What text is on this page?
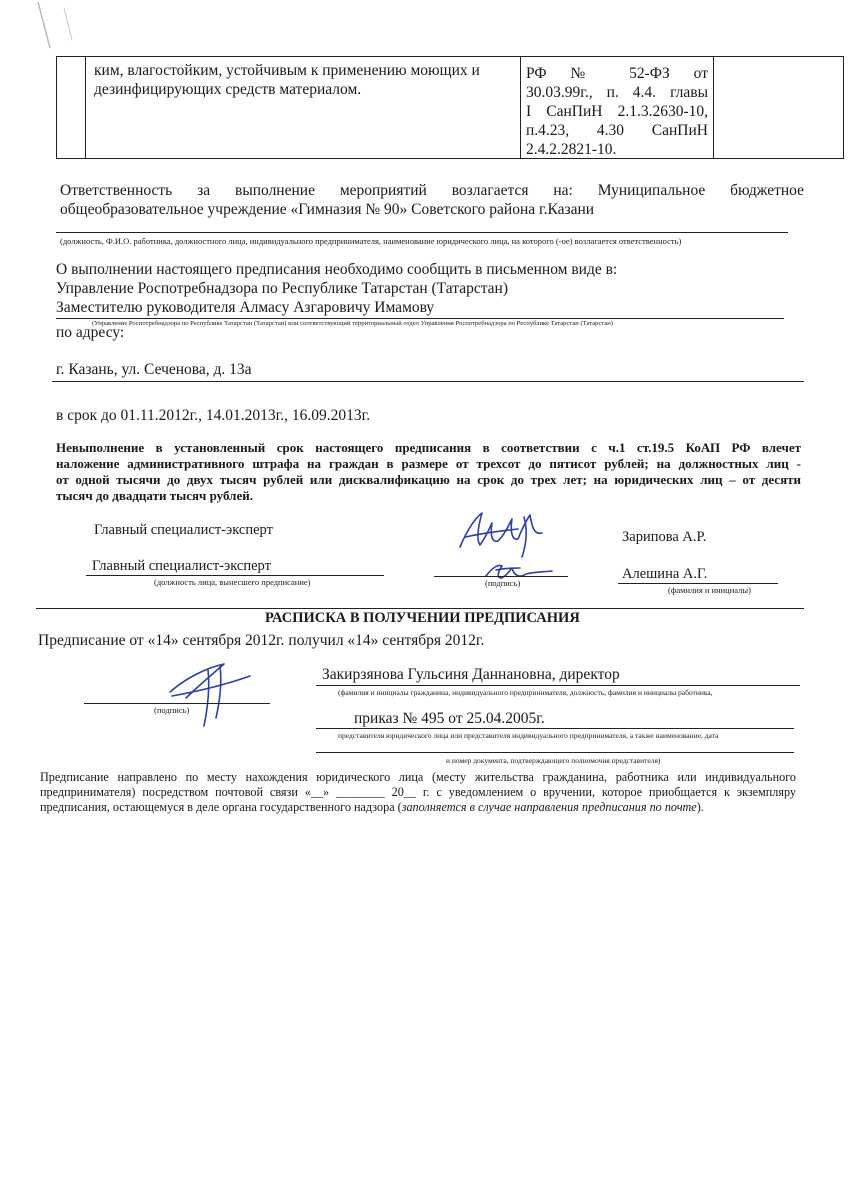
ким, влагостойким, устойчивым к применению моющих и дезинфицирующих средств материалом.
РФ № 52-ФЗ от
30.03.99г., п. 4.4. главы
I СанПиН 2.1.3.2630-10,
п.4.23, 4.30 СанПиН
2.4.2.2821-10.
Ответственность за выполнение мероприятий возлагается на: Муниципальное бюджетное
общеобразовательное учреждение «Гимназия № 90» Советского района г.Казани
(должность, Ф.И.О. работника, должностного лица, индивидуального предпринимателя, наименование юридического лица, на которого (-ое) возлагается ответственность)
О выполнении настоящего предписания необходимо сообщить в письменном виде в:
Управление Роспотребнадзора по Республике Татарстан (Татарстан)
Заместителю руководителя Алмасу Азгаровичу Имамову
(Управление Роспотребнадзора по Республике Татарстан (Татарстан) или соответствующий территориальный отдел Управления Роспотребнадзора по Республике Татарстан (Татарстан)
по адресу:
г. Казань, ул. Сеченова, д. 13а
в срок до 01.11.2012г., 14.01.2013г., 16.09.2013г.
Невыполнение в установленный срок настоящего предписания в соответствии с ч.1 ст.19.5 КоАП РФ влечет
наложение административного штрафа на граждан в размере от трехсот до пятисот рублей; на должностных лиц -
от одной тысячи до двух тысяч рублей или дисквалификацию на срок до трех лет; на юридических лиц – от десяти
тысяч до двадцати тысяч рублей.
Главный специалист-эксперт	Зарипова А.Р.
Главный специалист-эксперт
(должность лица, вынесшего предписание)	(подпись)
Алешина А.Г.
(фамилия и инициалы)
РАСПИСКА В ПОЛУЧЕНИИ ПРЕДПИСАНИЯ
Предписание от «14» сентября 2012г. получил «14» сентября 2012г.
Закирзянова Гульсиня Даннановна, директор
(фамилия и инициалы гражданина, индивидуального предпринимателя, должность, фамилия и инициалы работника,
(подпись)	приказ № 495 от 25.04.2005г.
представителя юридического лица или представителя индивидуального предпринимателя, а также наименование, дата
и номер документа, подтверждающего полномочия представителя)
Предписание направлено по месту нахождения юридического лица (месту жительства гражданина, работника или индивидуального
предпринимателя) посредством почтовой связи «__» ________ 20__ г. с уведомлением о вручении, которое приобщается к экземпляру
предписания, остающемуся в деле органа государственного надзора (заполняется в случае направления предписания по почте).
